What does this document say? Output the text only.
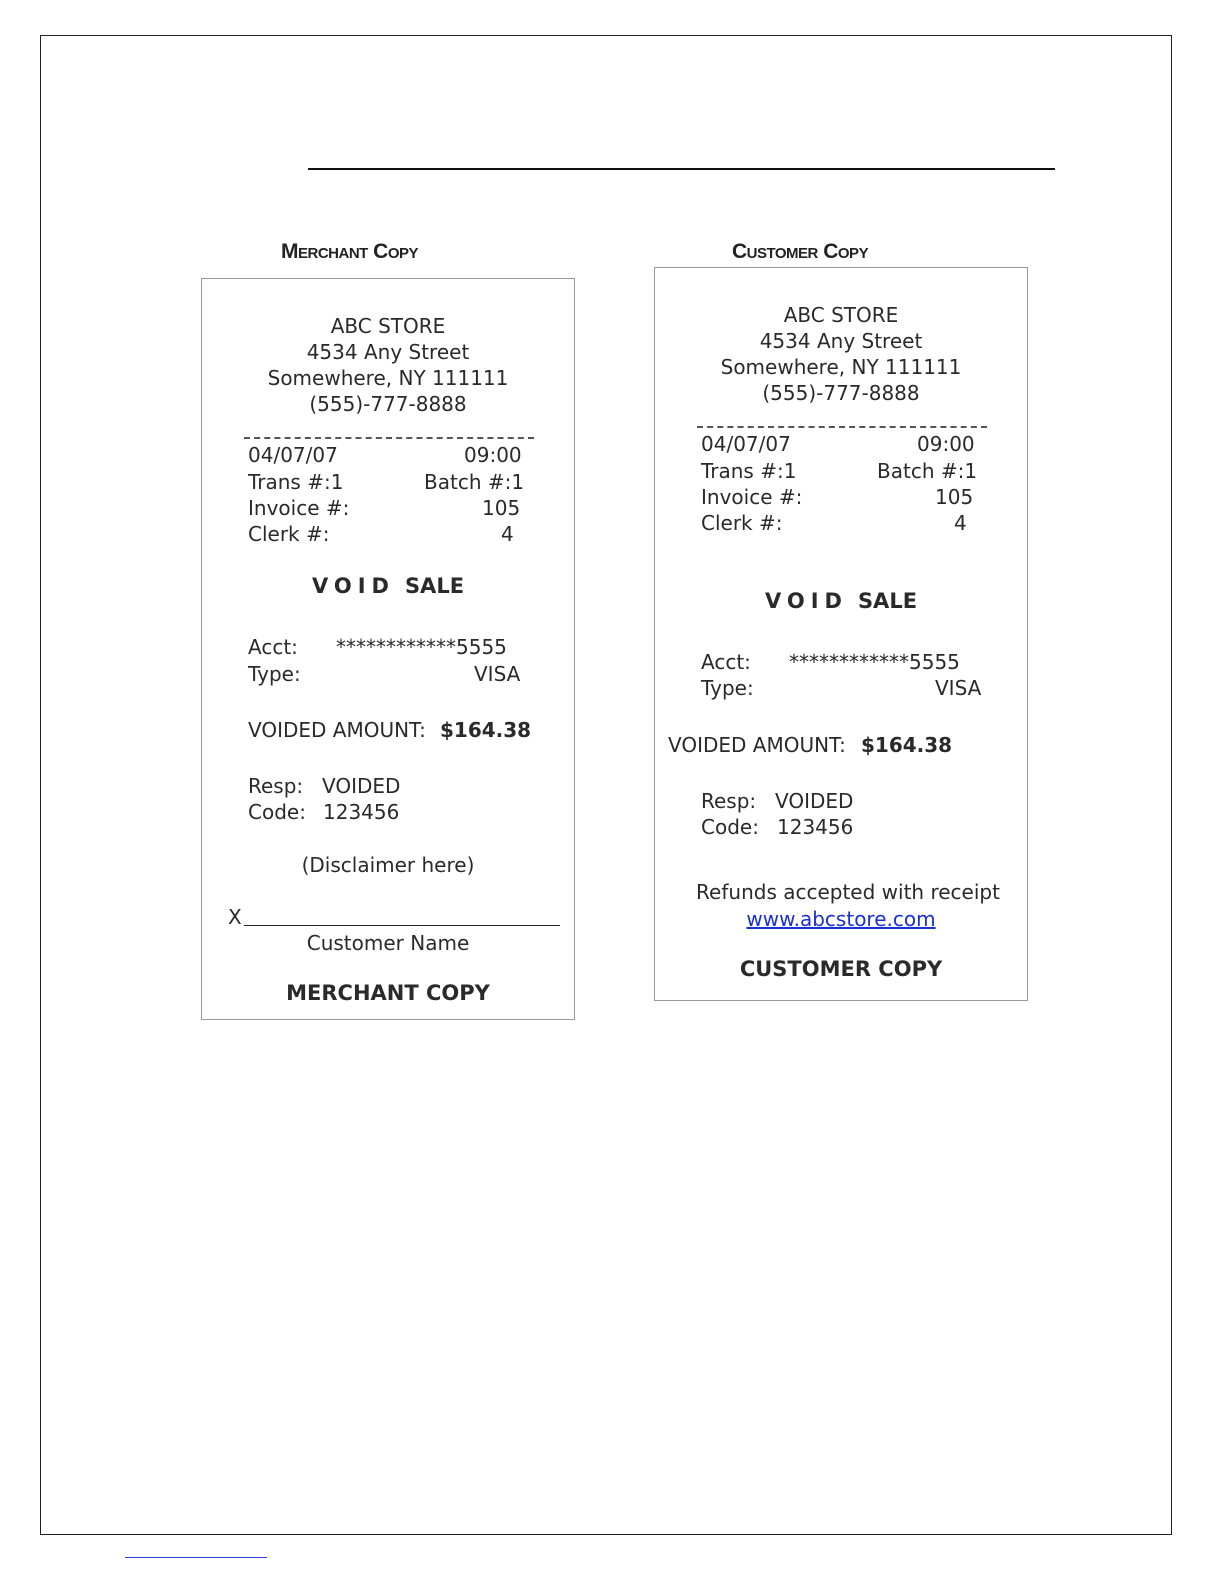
Merchant Copy
ABC STORE
4534 Any Street
Somewhere, NY 111111
(555)-777-8888
04/07/07	09:00
Trans #:1	Batch #:1
Invoice #:	105
Clerk #:	4
VOID SALE
Acct: ************5555
Type:	VISA
VOIDED AMOUNT: $164.38
Resp: VOIDED
Code: 123456
(Disclaimer here)
X
Customer Name
MERCHANT COPY
Customer Copy
ABC STORE
4534 Any Street
Somewhere, NY 111111
(555)-777-8888
04/07/07	09:00
Trans #:1	Batch #:1
Invoice #:	105
Clerk #:	4
VOID SALE
Acct: ************5555
Type:	VISA
VOIDED AMOUNT: $164.38
Resp: VOIDED
Code: 123456
Refunds accepted with receipt
www.abcstore.com
CUSTOMER COPY
